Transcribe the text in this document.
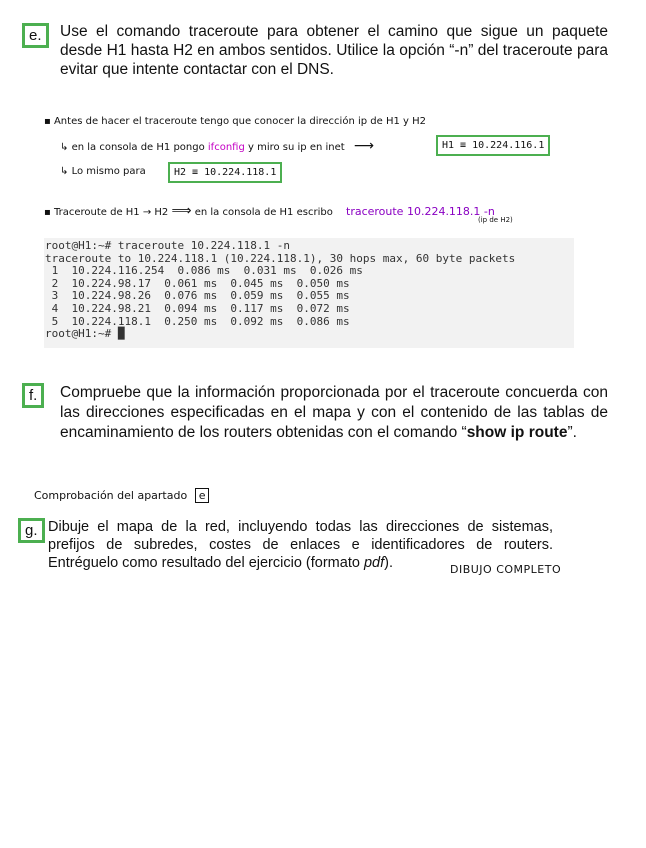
e.	Use el comando traceroute para obtener el camino que sigue un paquete desde H1 hasta H2 en ambos sentidos. Utilice la opción “-n” del traceroute para evitar que intente contactar con el DNS.
▪ Antes de hacer el traceroute tengo que conocer la dirección ip de H1 y H2
↳ en la consola de H1 pongo ifconfig y miro su ip en inet ⟶	H1 ≡ 10.224.116.1
↳ Lo mismo para	H2 ≡ 10.224.118.1
▪ Traceroute de H1 → H2 ⟹ en la consola de H1 escribo traceroute 10.224.118.1 -n
(ip de H2)
root@H1:~# traceroute 10.224.118.1 -n
traceroute to 10.224.118.1 (10.224.118.1), 30 hops max, 60 byte packets
1  10.224.116.254  0.086 ms  0.031 ms  0.026 ms
2  10.224.98.17  0.061 ms  0.045 ms  0.050 ms
3  10.224.98.26  0.076 ms  0.059 ms  0.055 ms
4  10.224.98.21  0.094 ms  0.117 ms  0.072 ms
5  10.224.118.1  0.250 ms  0.092 ms  0.086 ms
root@H1:~# █
f.	Compruebe que la información proporcionada por el traceroute concuerda con las direcciones especificadas en el mapa y con el contenido de las tablas de encaminamiento de los routers obtenidas con el comando “show ip route”.
Comprobación del apartado e
g. Dibuje el mapa de la red, incluyendo todas las direcciones de sistemas, prefijos de subredes, costes de enlaces e identificadores de routers. Entréguelo como resultado del ejercicio (formato pdf).	DIBUJO COMPLETO
